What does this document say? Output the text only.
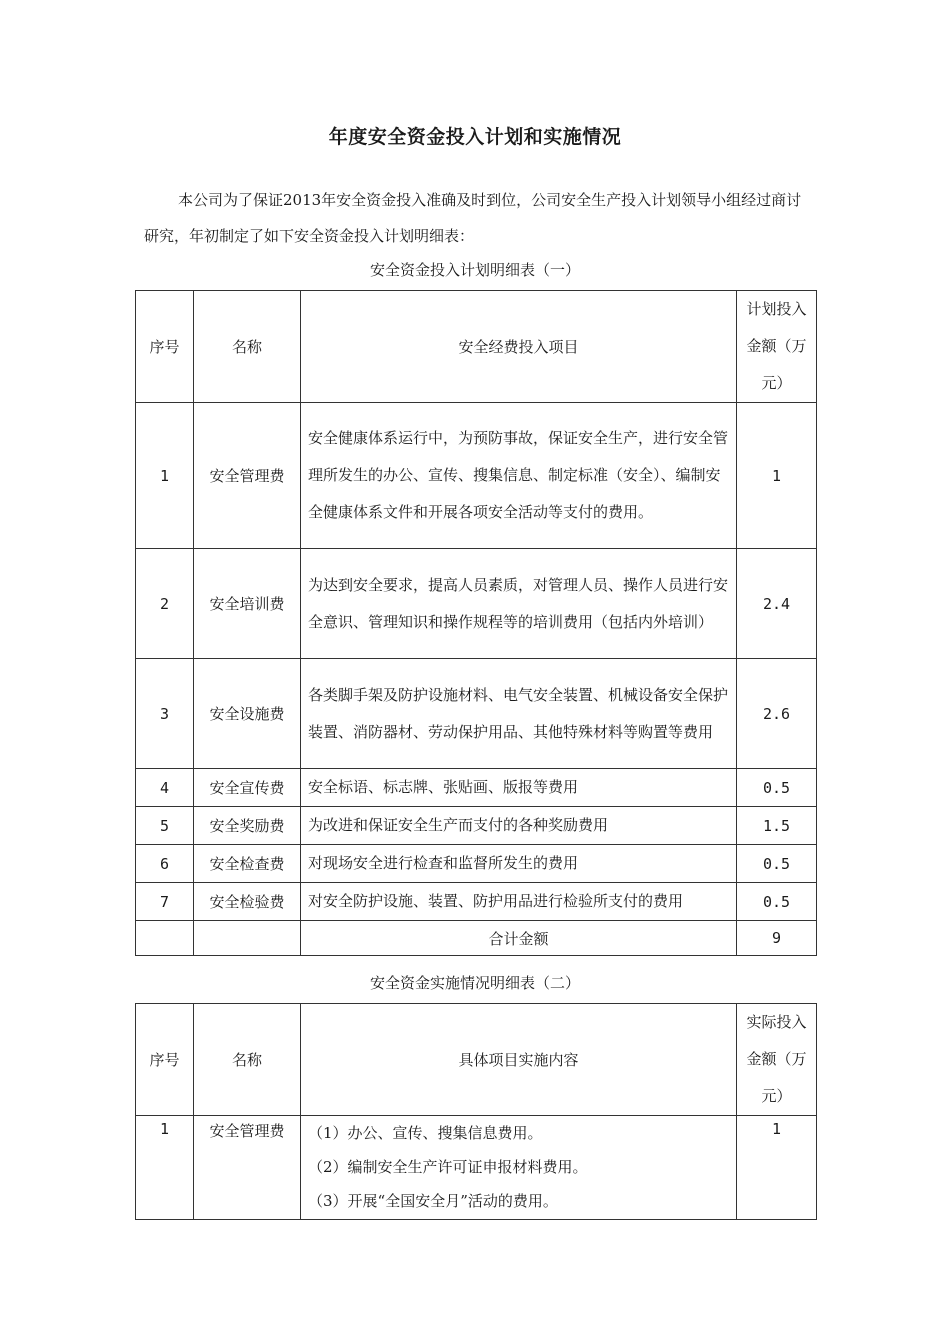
年度安全资金投入计划和实施情况
本公司为了保证2013年安全资金投入准确及时到位，公司安全生产投入计划领导小组经过商讨研究，年初制定了如下安全资金投入计划明细表：
安全资金投入计划明细表（一）
序号	名称	安全经费投入项目	计划投入金额（万元）
1	安全管理费	安全健康体系运行中，为预防事故，保证安全生产，进行安全管理所发生的办公、宣传、搜集信息、制定标准（安全）、编制安全健康体系文件和开展各项安全活动等支付的费用。	1
2	安全培训费	为达到安全要求，提高人员素质，对管理人员、操作人员进行安全意识、管理知识和操作规程等的培训费用（包括内外培训）	2.4
3	安全设施费	各类脚手架及防护设施材料、电气安全装置、机械设备安全保护装置、消防器材、劳动保护用品、其他特殊材料等购置等费用	2.6
4	安全宣传费	安全标语、标志牌、张贴画、版报等费用	0.5
5	安全奖励费	为改进和保证安全生产而支付的各种奖励费用	1.5
6	安全检查费	对现场安全进行检查和监督所发生的费用	0.5
7	安全检验费	对安全防护设施、装置、防护用品进行检验所支付的费用	0.5
		合计金额	9
安全资金实施情况明细表（二）
序号	名称	具体项目实施内容	实际投入金额（万元）
1	安全管理费	（1）办公、宣传、搜集信息费用。
（2）编制安全生产许可证申报材料费用。
（3）开展“全国安全月”活动的费用。	1
